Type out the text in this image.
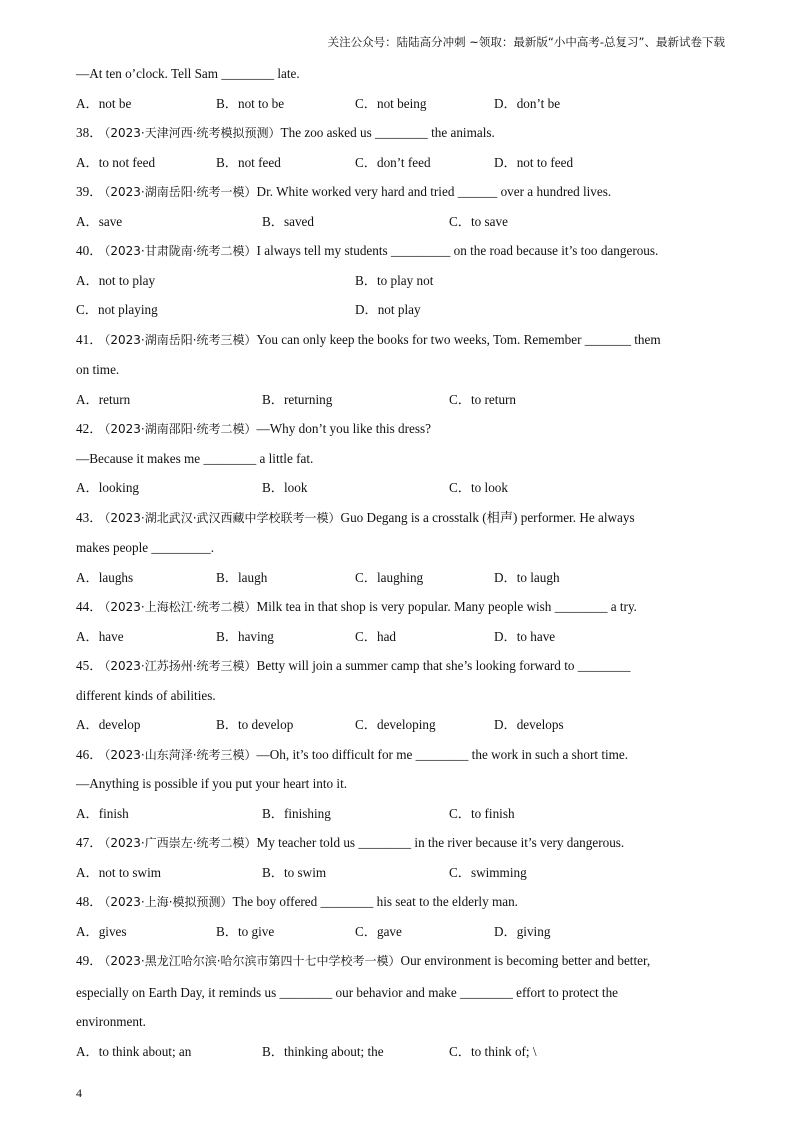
关注公众号：陆陆高分冲刺 ~领取：最新版“小中高考-总复习”、最新试卷下载
—At ten o’clock. Tell Sam ________ late.
A．not be	B．not to be	C．not being	D．don’t be
38． （2023·天津河西·统考模拟预测）The zoo asked us ________ the animals.
A．to not feed	B．not feed	C．don’t feed	D．not to feed
39． （2023·湖南岳阳·统考一模）Dr. White worked very hard and tried ______ over a hundred lives.
A．save	B．saved	C．to save
40． （2023·甘肃陇南·统考二模）I always tell my students _________ on the road because it’s too dangerous.
A．not to play	B．to play not
C．not playing	D．not play
41． （2023·湖南岳阳·统考三模）You can only keep the books for two weeks, Tom. Remember _______ them
on time.
A．return	B．returning	C．to return
42． （2023·湖南邵阳·统考二模）—Why don’t you like this dress?
—Because it makes me ________ a little fat.
A．looking	B．look	C．to look
43． （2023·湖北武汉·武汉西藏中学校联考一模）Guo Degang is a crosstalk (相声) performer. He always
makes people _________.
A．laughs	B．laugh	C．laughing	D．to laugh
44． （2023·上海松江·统考二模）Milk tea in that shop is very popular. Many people wish ________ a try.
A．have	B．having	C．had	D．to have
45． （2023·江苏扬州·统考三模）Betty will join a summer camp that she’s looking forward to ________
different kinds of abilities.
A．develop	B．to develop	C．developing	D．develops
46． （2023·山东菏泽·统考三模）—Oh, it’s too difficult for me ________ the work in such a short time.
—Anything is possible if you put your heart into it.
A．finish	B．finishing	C．to finish
47． （2023·广西崇左·统考二模）My teacher told us ________ in the river because it’s very dangerous.
A．not to swim	B．to swim	C．swimming
48． （2023·上海·模拟预测）The boy offered ________ his seat to the elderly man.
A．gives	B．to give	C．gave	D．giving
49． （2023·黑龙江哈尔滨·哈尔滨市第四十七中学校考一模）Our environment is becoming better and better,
especially on Earth Day, it reminds us ________ our behavior and make ________ effort to protect the
environment.
A．to think about; an	B．thinking about; the	C．to think of; \
4
